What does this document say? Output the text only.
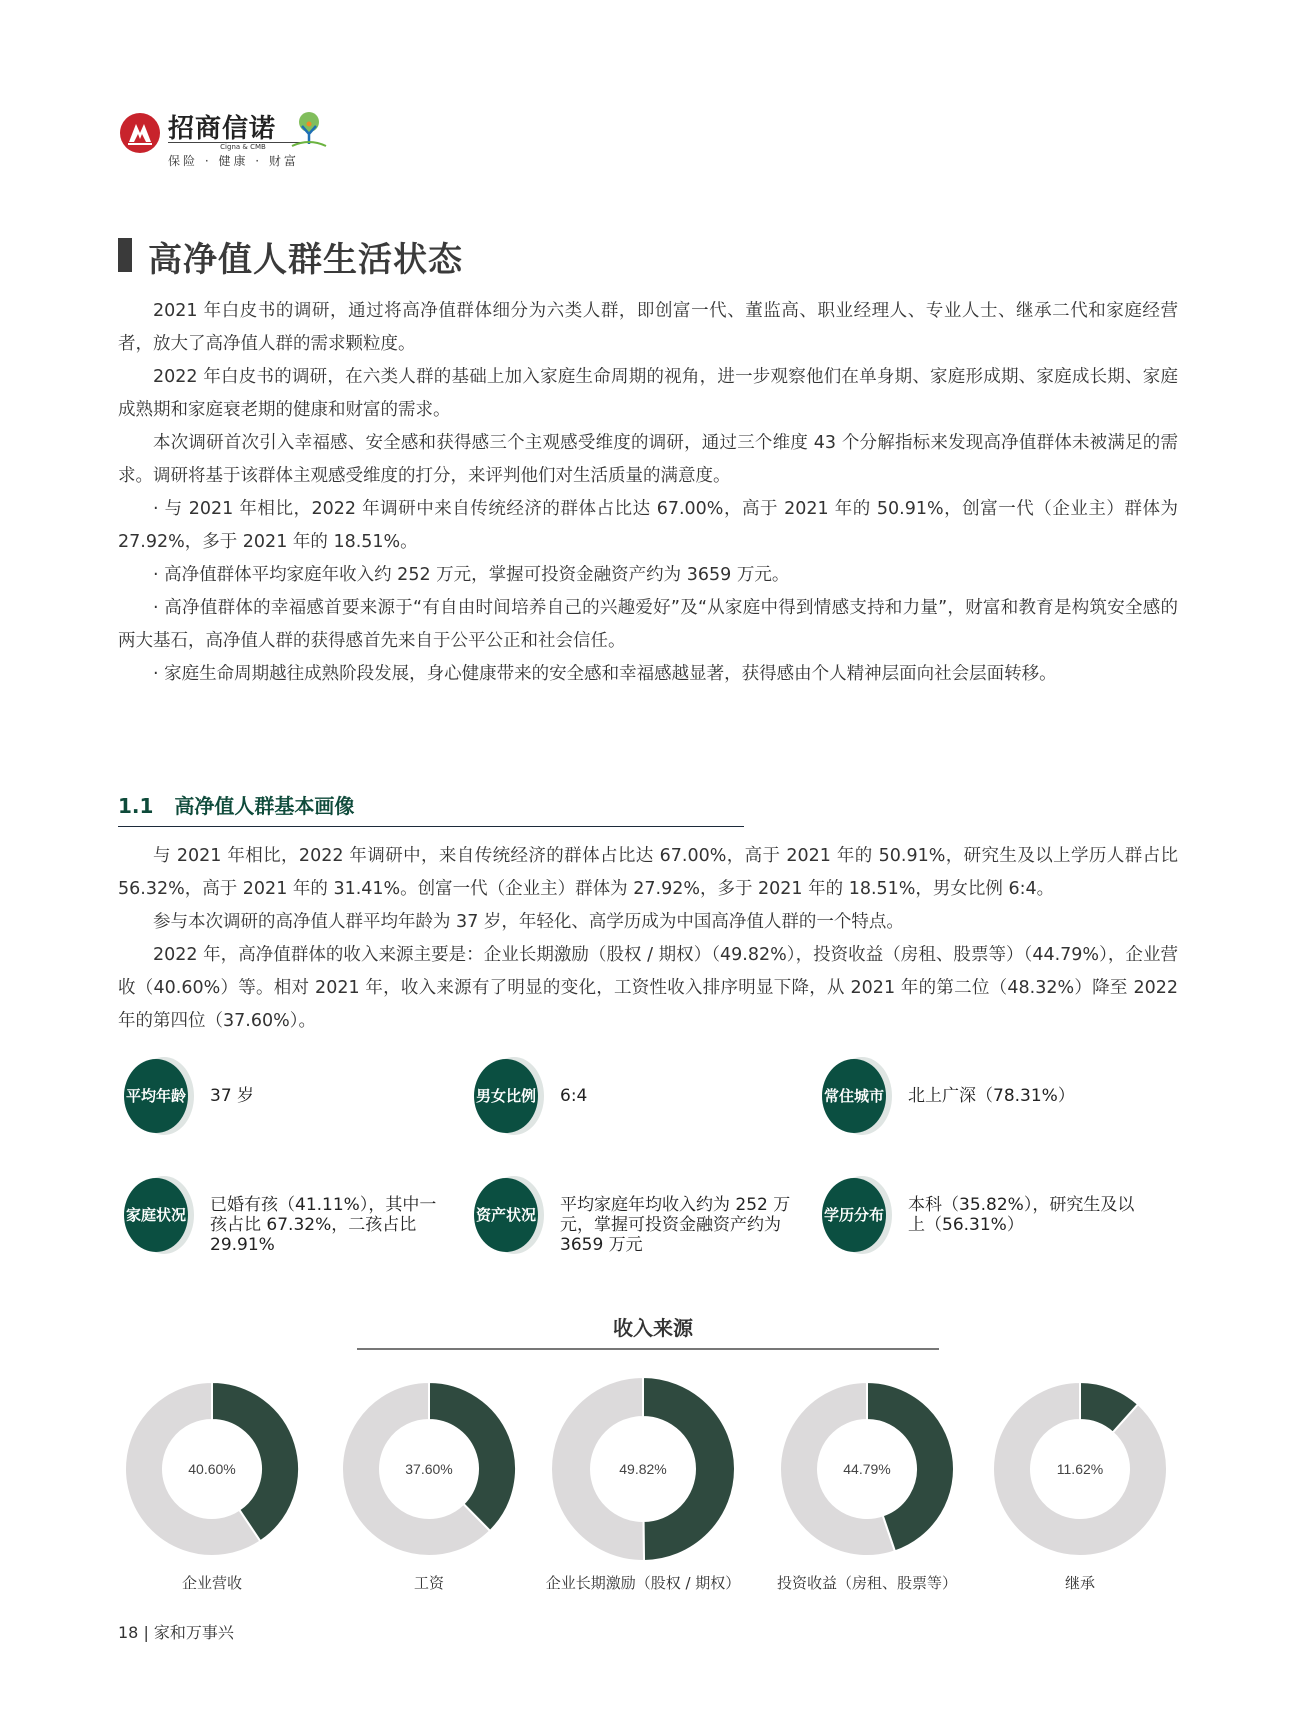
招商信诺
Cigna & CMB
保险 · 健康 · 财富
高净值人群生活状态

2021 年白皮书的调研，通过将高净值群体细分为六类人群，即创富一代、董监高、职业经理人、专业人士、继承二代和家庭经营者，放大了高净值人群的需求颗粒度。

2022 年白皮书的调研，在六类人群的基础上加入家庭生命周期的视角，进一步观察他们在单身期、家庭形成期、家庭成长期、家庭成熟期和家庭衰老期的健康和财富的需求。

本次调研首次引入幸福感、安全感和获得感三个主观感受维度的调研，通过三个维度 43 个分解指标来发现高净值群体未被满足的需求。调研将基于该群体主观感受维度的打分，来评判他们对生活质量的满意度。

· 与 2021 年相比，2022 年调研中来自传统经济的群体占比达 67.00%，高于 2021 年的 50.91%，创富一代（企业主）群体为 27.92%，多于 2021 年的 18.51%。

· 高净值群体平均家庭年收入约 252 万元，掌握可投资金融资产约为 3659 万元。

· 高净值群体的幸福感首要来源于“有自由时间培养自己的兴趣爱好”及“从家庭中得到情感支持和力量”，财富和教育是构筑安全感的两大基石，高净值人群的获得感首先来自于公平公正和社会信任。

· 家庭生命周期越往成熟阶段发展，身心健康带来的安全感和幸福感越显著，获得感由个人精神层面向社会层面转移。

1.1   高净值人群基本画像

与 2021 年相比，2022 年调研中，来自传统经济的群体占比达 67.00%，高于 2021 年的 50.91%，研究生及以上学历人群占比 56.32%，高于 2021 年的 31.41%。创富一代（企业主）群体为 27.92%，多于 2021 年的 18.51%，男女比例 6:4。

参与本次调研的高净值人群平均年龄为 37 岁，年轻化、高学历成为中国高净值人群的一个特点。

2022 年，高净值群体的收入来源主要是：企业长期激励（股权 / 期权）（49.82%），投资收益（房租、股票等）（44.79%），企业营收（40.60%）等。相对 2021 年，收入来源有了明显的变化，工资性收入排序明显下降，从 2021 年的第二位（48.32%）降至 2022 年的第四位（37.60%）。

平均年龄	37 岁	男女比例	6:4	常住城市	北上广深（78.31%）
家庭状况	已婚有孩（41.11%），其中一孩占比 67.32%，二孩占比 29.91%
资产状况	平均家庭年均收入约为 252 万元，掌握可投资金融资产约为 3659 万元
学历分布	本科（35.82%），研究生及以上（56.31%）
收入来源
40.60%	37.60%	49.82%	44.79%	11.62%
企业营收	工资	企业长期激励（股权 / 期权）	投资收益（房租、股票等）	继承
18 | 家和万事兴
